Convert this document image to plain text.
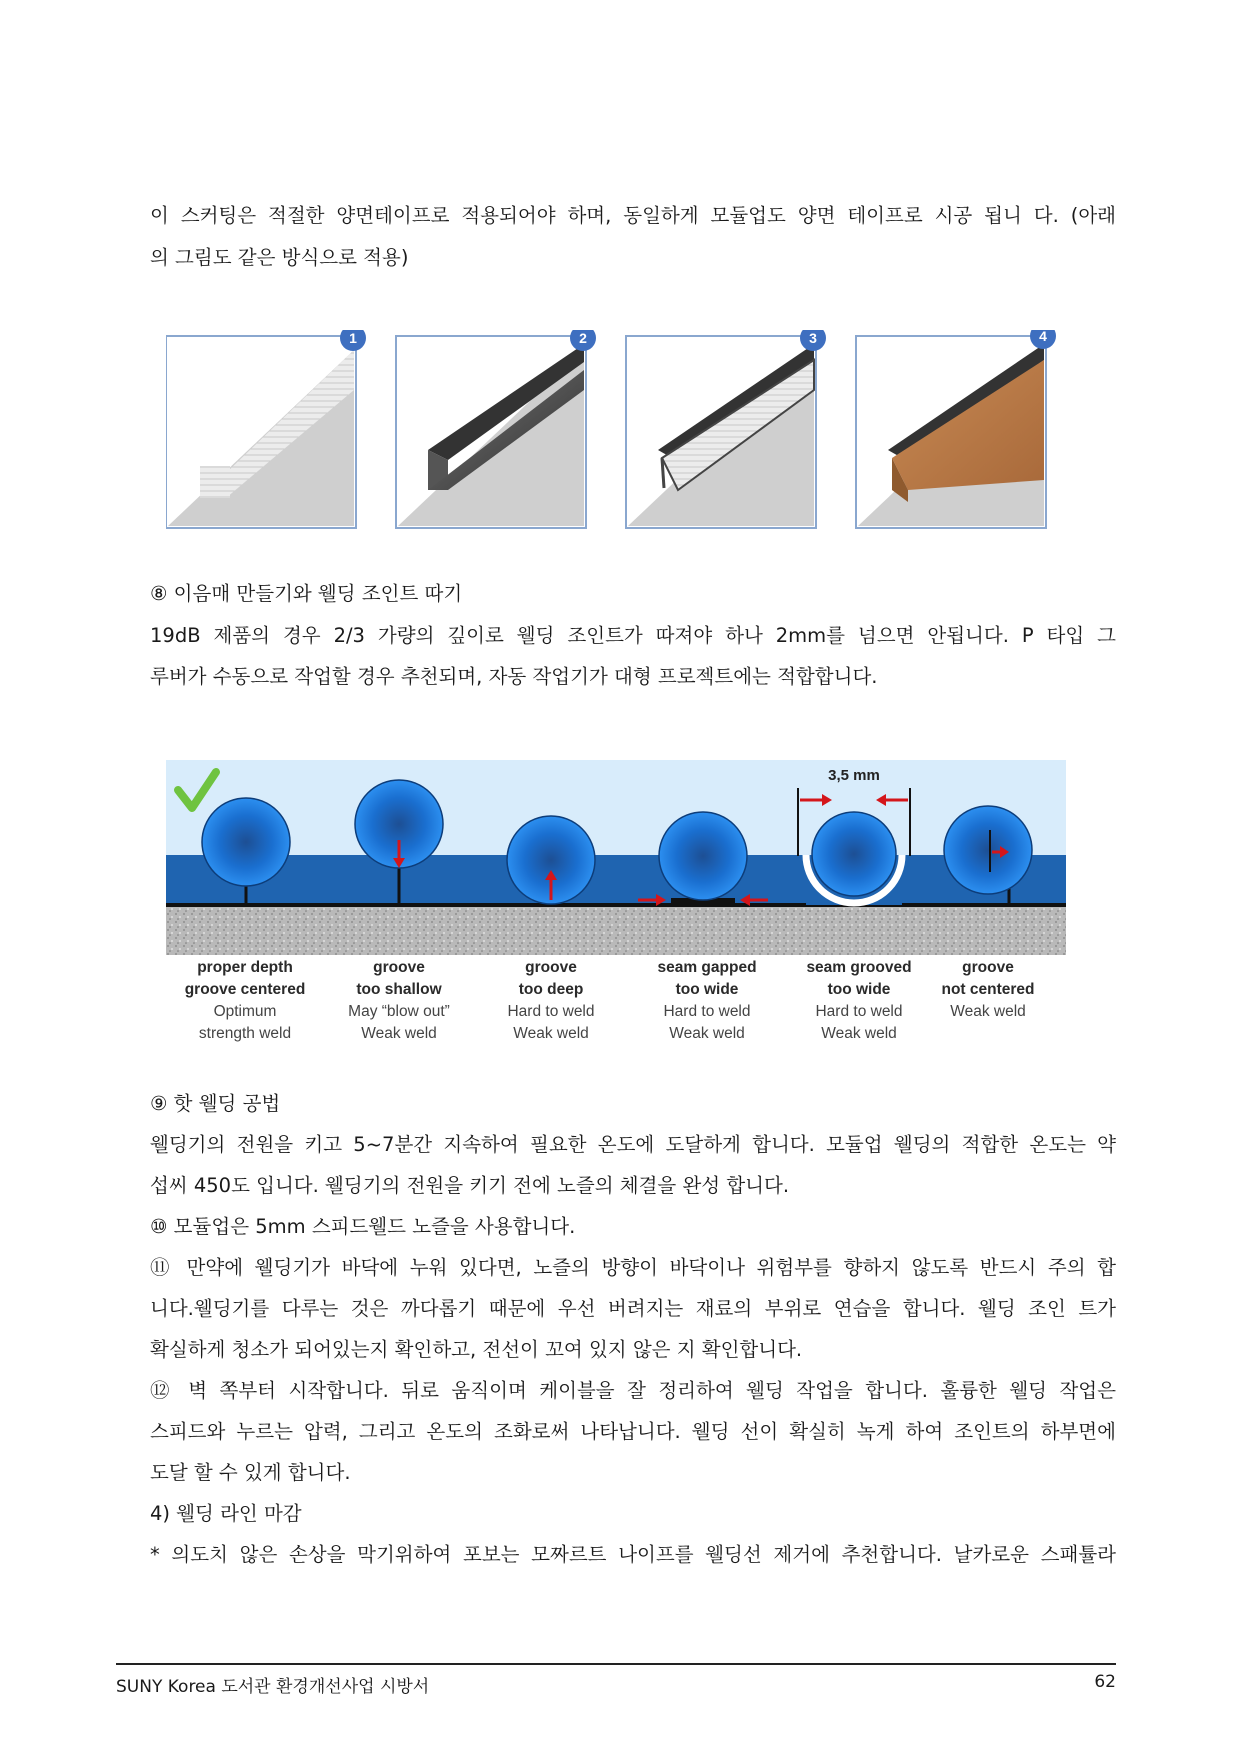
이 스커팅은 적절한 양면테이프로 적용되어야 하며, 동일하게 모듈업도 양면 테이프로 시공 됩니 다. (아래
의 그림도 같은 방식으로 적용)
1	2	3	4
⑧ 이음매 만들기와 웰딩 조인트 따기
19dB 제품의 경우 2/3 가량의 깊이로 웰딩 조인트가 따져야 하나 2mm를 넘으면 안됩니다. P 타입 그
루버가 수동으로 작업할 경우 추천되며, 자동 작업기가 대형 프로젝트에는 적합합니다.
3,5 mm
proper depth
groove centered
Optimum
strength weld
groove
too shallow
May “blow out”
Weak weld
groove
too deep
Hard to weld
Weak weld
seam gapped
too wide
Hard to weld
Weak weld
seam grooved
too wide
Hard to weld
Weak weld
groove
not centered
Weak weld
⑨ 핫 웰딩 공법
웰딩기의 전원을 키고 5~7분간 지속하여 필요한 온도에 도달하게 합니다. 모듈업 웰딩의 적합한 온도는 약
섭씨 450도 입니다. 웰딩기의 전원을 키기 전에 노즐의 체결을 완성 합니다.
⑩ 모듈업은 5mm 스피드웰드 노즐을 사용합니다.
⑪ 만약에 웰딩기가 바닥에 누워 있다면, 노즐의 방향이 바닥이나 위험부를 향하지 않도록 반드시 주의 합
니다.웰딩기를 다루는 것은 까다롭기 때문에 우선 버려지는 재료의 부위로 연습을 합니다. 웰딩 조인 트가
확실하게 청소가 되어있는지 확인하고, 전선이 꼬여 있지 않은 지 확인합니다.
⑫ 벽 쪽부터 시작합니다. 뒤로 움직이며 케이블을 잘 정리하여 웰딩 작업을 합니다. 훌륭한 웰딩 작업은
스피드와 누르는 압력, 그리고 온도의 조화로써 나타납니다. 웰딩 선이 확실히 녹게 하여 조인트의 하부면에
도달 할 수 있게 합니다.
4) 웰딩 라인 마감
* 의도치 않은 손상을 막기위하여 포보는 모짜르트 나이프를 웰딩선 제거에 추천합니다. 날카로운 스패튤라
SUNY Korea 도서관 환경개선사업 시방서	62
